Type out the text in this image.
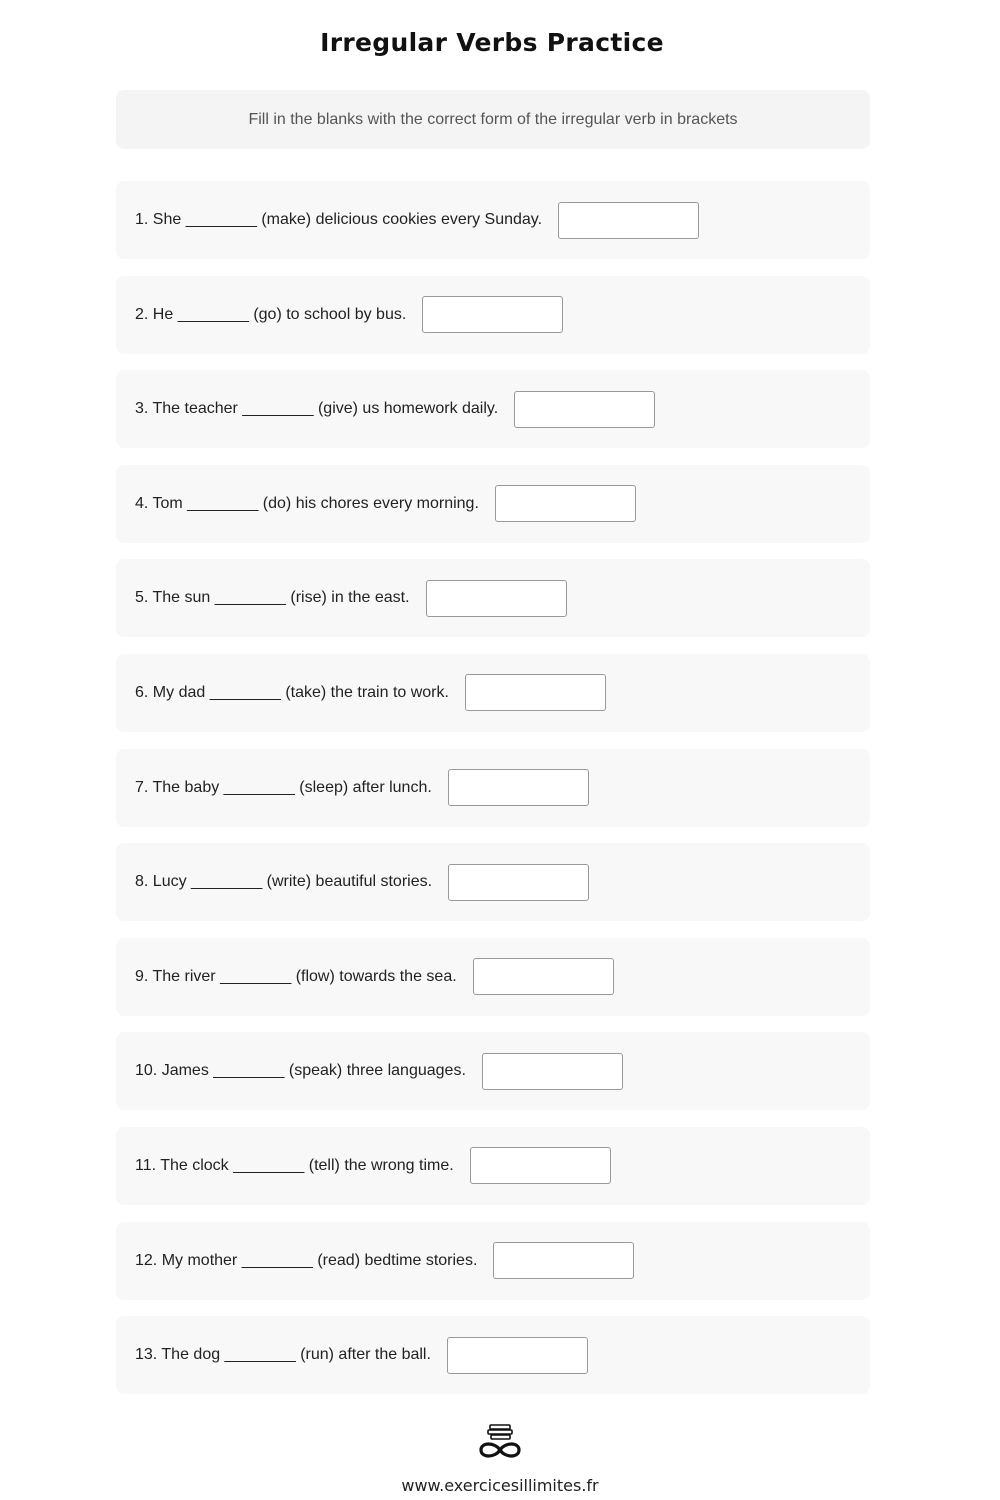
Irregular Verbs Practice
Fill in the blanks with the correct form of the irregular verb in brackets
1. She ________ (make) delicious cookies every Sunday.
2. He ________ (go) to school by bus.
3. The teacher ________ (give) us homework daily.
4. Tom ________ (do) his chores every morning.
5. The sun ________ (rise) in the east.
6. My dad ________ (take) the train to work.
7. The baby ________ (sleep) after lunch.
8. Lucy ________ (write) beautiful stories.
9. The river ________ (flow) towards the sea.
10. James ________ (speak) three languages.
11. The clock ________ (tell) the wrong time.
12. My mother ________ (read) bedtime stories.
13. The dog ________ (run) after the ball.
www.exercicesillimites.fr
